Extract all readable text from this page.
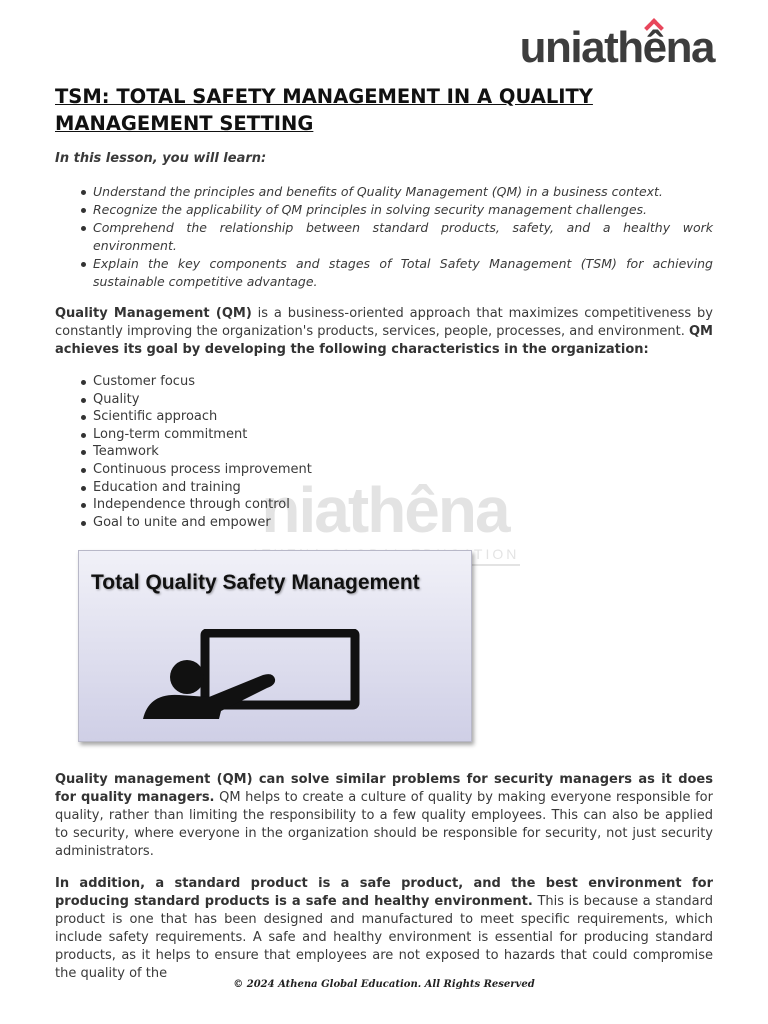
uniathêna
niathêna
TSM: TOTAL SAFETY MANAGEMENT IN A QUALITY MANAGEMENT SETTING

In this lesson, you will learn:

Understand the principles and benefits of Quality Management (QM) in a business context.
Recognize the applicability of QM principles in solving security management challenges.
Comprehend the relationship between standard products, safety, and a healthy work environment.
Explain the key components and stages of Total Safety Management (TSM) for achieving sustainable competitive advantage.

Quality Management (QM) is a business-oriented approach that maximizes competitiveness by constantly improving the organization's products, services, people, processes, and environment. QM achieves its goal by developing the following characteristics in the organization:

Customer focus
Quality
Scientific approach
Long-term commitment
Teamwork
Continuous process improvement
Education and training
Independence through control
Goal to unite and empower
Total Quality Safety Management

Quality management (QM) can solve similar problems for security managers as it does for quality managers. QM helps to create a culture of quality by making everyone responsible for quality, rather than limiting the responsibility to a few quality employees. This can also be applied to security, where everyone in the organization should be responsible for security, not just security administrators.

In addition, a standard product is a safe product, and the best environment for producing standard products is a safe and healthy environment. This is because a standard product is one that has been designed and manufactured to meet specific requirements, which include safety requirements. A safe and healthy environment is essential for producing standard products, as it helps to ensure that employees are not exposed to hazards that could compromise the quality of the

© 2024 Athena Global Education. All Rights Reserved
